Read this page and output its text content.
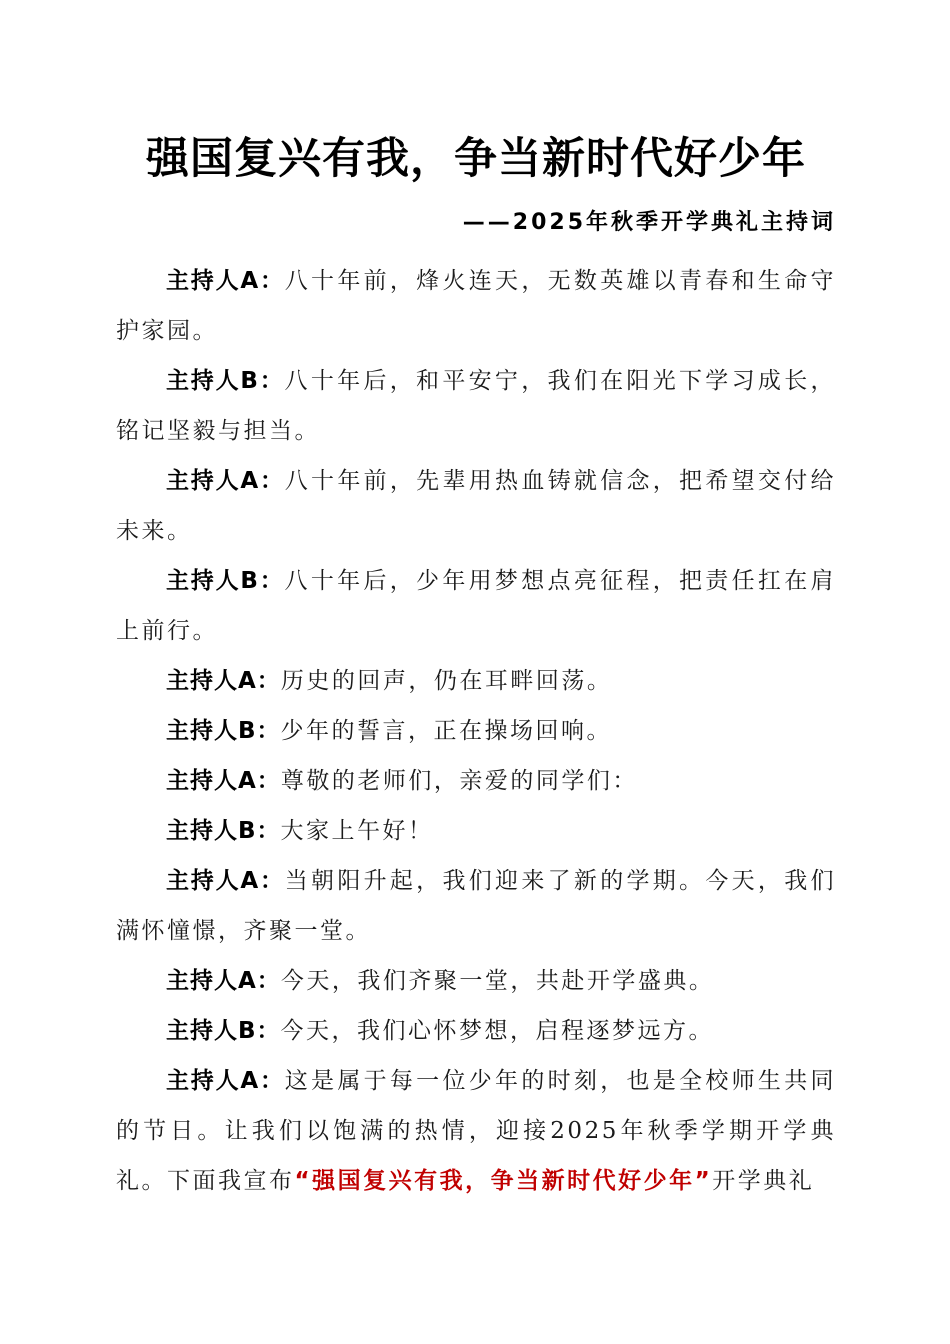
强国复兴有我，争当新时代好少年
——2025年秋季开学典礼主持词

主持人A：八十年前，烽火连天，无数英雄以青春和生命守护家园。

主持人B：八十年后，和平安宁，我们在阳光下学习成长，铭记坚毅与担当。

主持人A：八十年前，先辈用热血铸就信念，把希望交付给未来。

主持人B：八十年后，少年用梦想点亮征程，把责任扛在肩上前行。

主持人A：历史的回声，仍在耳畔回荡。

主持人B：少年的誓言，正在操场回响。

主持人A：尊敬的老师们，亲爱的同学们：

主持人B：大家上午好！

主持人A：当朝阳升起，我们迎来了新的学期。今天，我们满怀憧憬，齐聚一堂。

主持人A：今天，我们齐聚一堂，共赴开学盛典。

主持人B：今天，我们心怀梦想，启程逐梦远方。

主持人A：这是属于每一位少年的时刻，也是全校师生共同的节日。让我们以饱满的热情，迎接2025年秋季学期开学典礼。下面我宣布“强国复兴有我，争当新时代好少年”开学典礼
